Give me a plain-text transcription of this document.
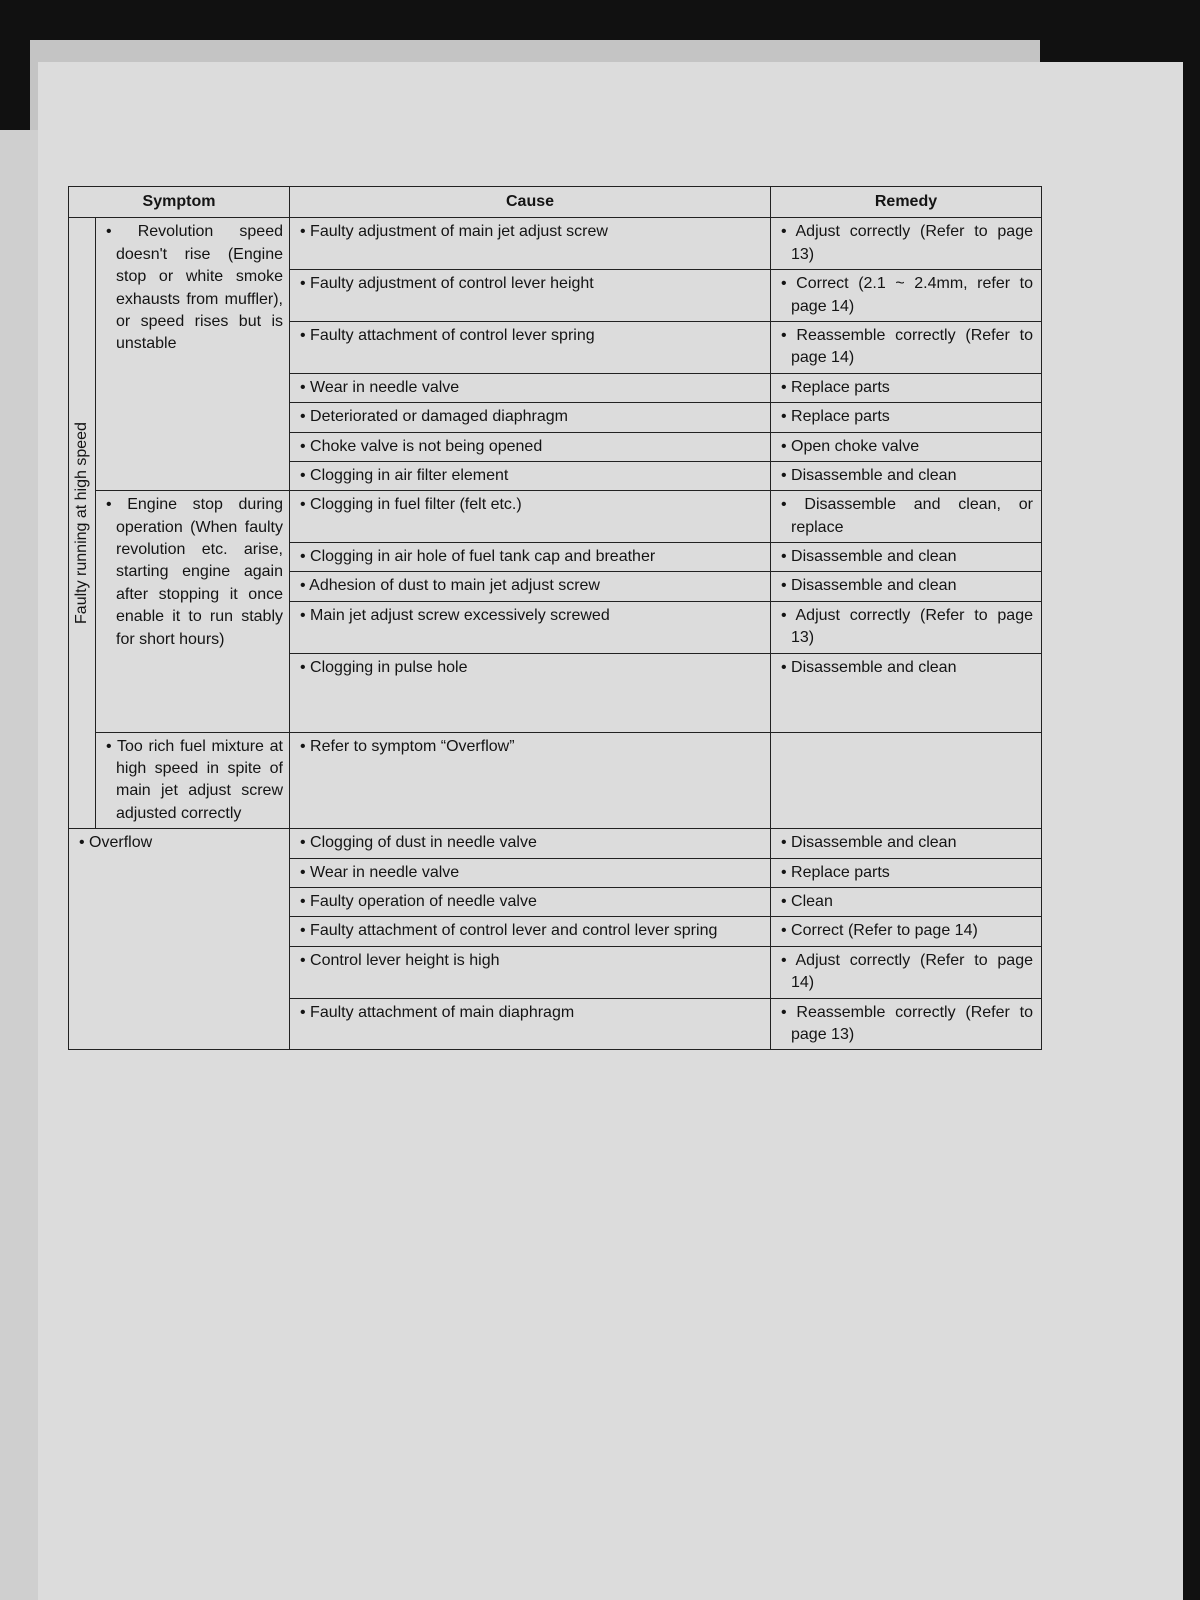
Symptom		Cause	Remedy

Faulty running at high speed	• Revolution speed doesn't rise (Engine stop or white smoke exhausts from muffler), or speed rises but is unstable	• Faulty adjustment of main jet adjust screw	• Adjust correctly (Refer to page 13)
		• Faulty adjustment of control lever height	• Correct (2.1 ~ 2.4mm, refer to page 14)
		• Faulty attachment of control lever spring	• Reassemble correctly (Refer to page 14)
		• Wear in needle valve	• Replace parts
		• Deteriorated or damaged diaphragm	• Replace parts
		• Choke valve is not being opened	• Open choke valve
		• Clogging in air filter element	• Disassemble and clean
	• Engine stop during operation (When faulty revolution etc. arise, starting engine again after stopping it once enable it to run stably for short hours)	• Clogging in fuel filter (felt etc.)	• Disassemble and clean, or replace
		• Clogging in air hole of fuel tank cap and breather	• Disassemble and clean
		• Adhesion of dust to main jet adjust screw	• Disassemble and clean
		• Main jet adjust screw excessively screwed	• Adjust correctly (Refer to page 13)
		• Clogging in pulse hole	• Disassemble and clean
	• Too rich fuel mixture at high speed in spite of main jet adjust screw adjusted correctly	• Refer to symptom “Overflow”	
• Overflow		• Clogging of dust in needle valve	• Disassemble and clean
		• Wear in needle valve	• Replace parts
		• Faulty operation of needle valve	• Clean
		• Faulty attachment of control lever and control lever spring	• Correct (Refer to page 14)
		• Control lever height is high	• Adjust correctly (Refer to page 14)
		• Faulty attachment of main diaphragm	• Reassemble correctly (Refer to page 13)
